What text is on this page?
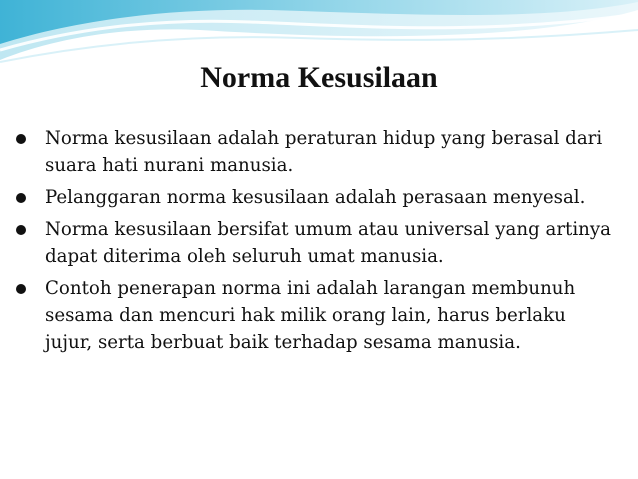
Norma Kesusilaan
Norma kesusilaan adalah peraturan hidup yang berasal dari suara hati nurani manusia.
Pelanggaran norma kesusilaan adalah perasaan menyesal.
Norma kesusilaan bersifat umum atau universal yang artinya dapat diterima oleh seluruh umat manusia.
Contoh penerapan norma ini adalah larangan membunuh sesama dan mencuri hak milik orang lain, harus berlaku jujur, serta berbuat baik terhadap sesama manusia.
